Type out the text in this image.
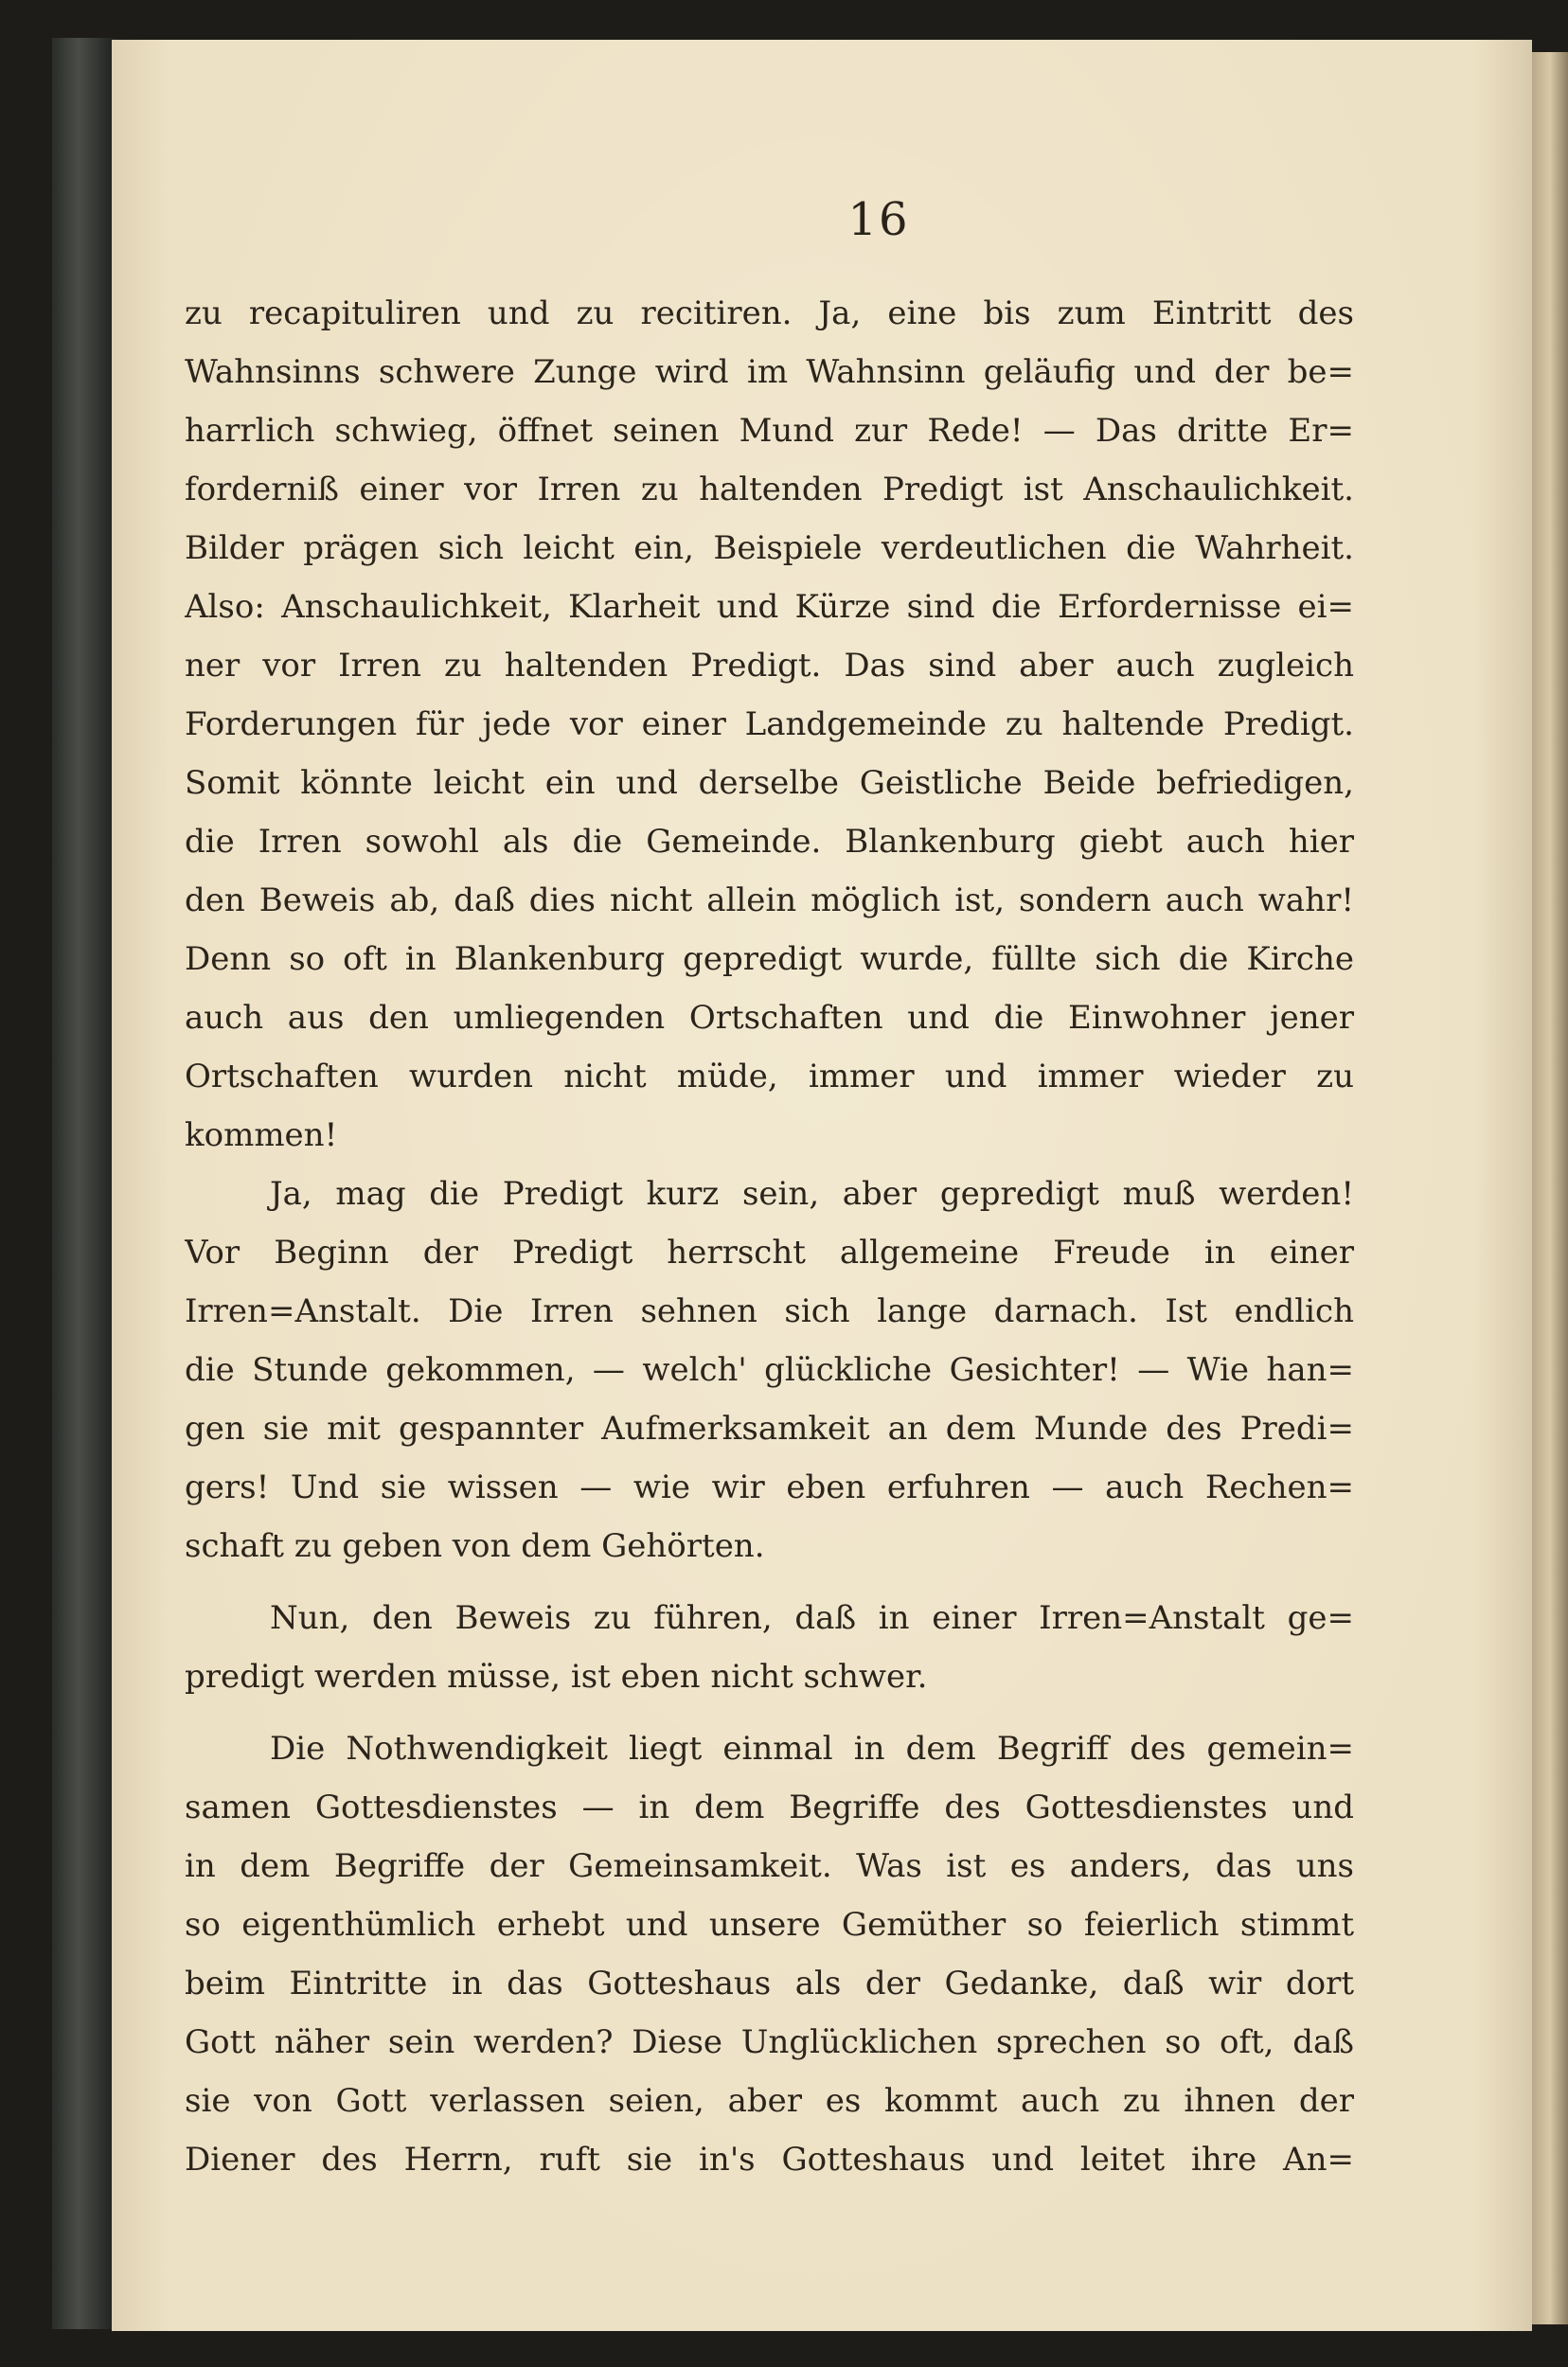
16
zu recapituliren und zu recitiren. Ja, eine bis zum Eintritt des
Wahnsinns schwere Zunge wird im Wahnsinn geläufig und der be=
harrlich schwieg, öffnet seinen Mund zur Rede! — Das dritte Er=
forderniß einer vor Irren zu haltenden Predigt ist Anschaulichkeit.
Bilder prägen sich leicht ein, Beispiele verdeutlichen die Wahrheit.
Also: Anschaulichkeit, Klarheit und Kürze sind die Erfordernisse ei=
ner vor Irren zu haltenden Predigt. Das sind aber auch zugleich
Forderungen für jede vor einer Landgemeinde zu haltende Predigt.
Somit könnte leicht ein und derselbe Geistliche Beide befriedigen,
die Irren sowohl als die Gemeinde. Blankenburg giebt auch hier
den Beweis ab, daß dies nicht allein möglich ist, sondern auch wahr!
Denn so oft in Blankenburg gepredigt wurde, füllte sich die Kirche
auch aus den umliegenden Ortschaften und die Einwohner jener
Ortschaften wurden nicht müde, immer und immer wieder zu
kommen!
Ja, mag die Predigt kurz sein, aber gepredigt muß werden!
Vor Beginn der Predigt herrscht allgemeine Freude in einer
Irren=Anstalt. Die Irren sehnen sich lange darnach. Ist endlich
die Stunde gekommen, — welch' glückliche Gesichter! — Wie han=
gen sie mit gespannter Aufmerksamkeit an dem Munde des Predi=
gers! Und sie wissen — wie wir eben erfuhren — auch Rechen=
schaft zu geben von dem Gehörten.
Nun, den Beweis zu führen, daß in einer Irren=Anstalt ge=
predigt werden müsse, ist eben nicht schwer.
Die Nothwendigkeit liegt einmal in dem Begriff des gemein=
samen Gottesdienstes — in dem Begriffe des Gottesdienstes und
in dem Begriffe der Gemeinsamkeit. Was ist es anders, das uns
so eigenthümlich erhebt und unsere Gemüther so feierlich stimmt
beim Eintritte in das Gotteshaus als der Gedanke, daß wir dort
Gott näher sein werden? Diese Unglücklichen sprechen so oft, daß
sie von Gott verlassen seien, aber es kommt auch zu ihnen der
Diener des Herrn, ruft sie in's Gotteshaus und leitet ihre An=
